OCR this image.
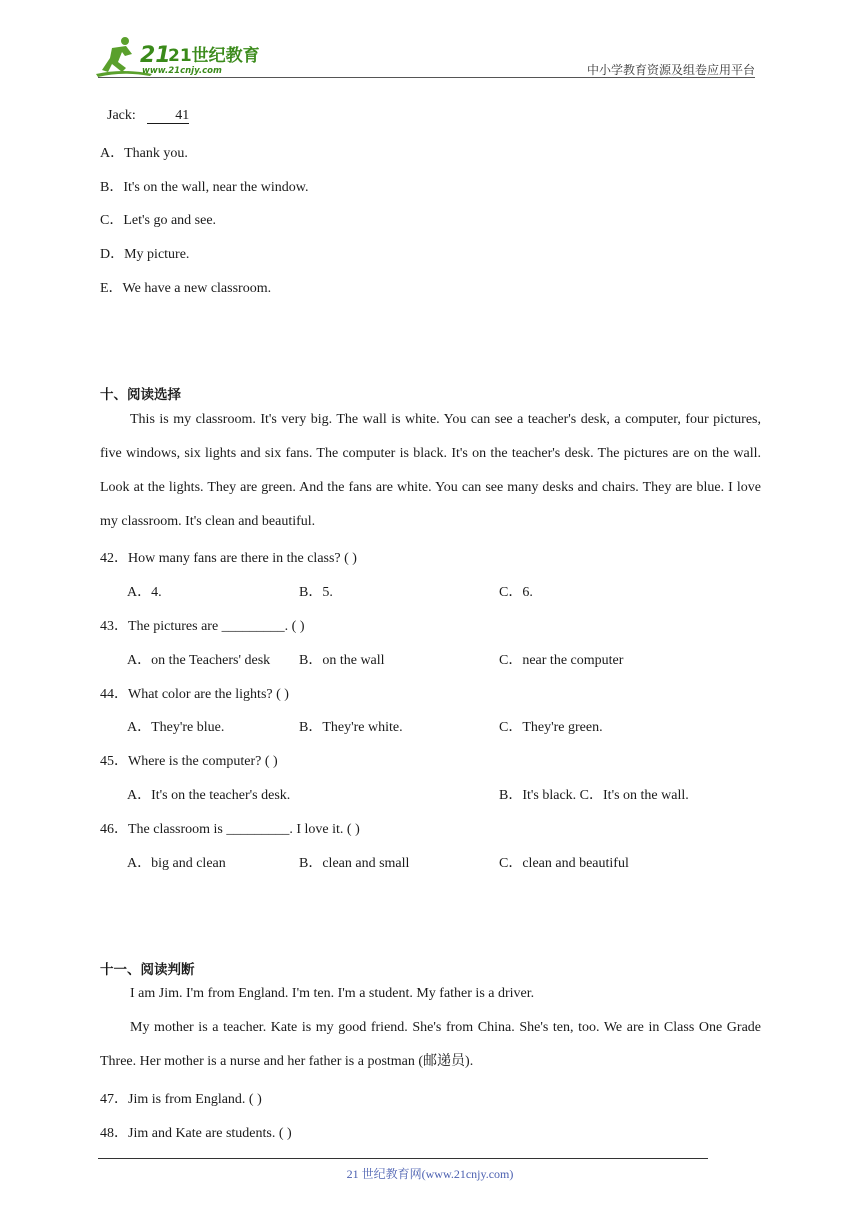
21
21世纪教育
www.21cnjy.com	中小学教育资源及组卷应用平台
Jack:	41
A．Thank you.
B．It's on the wall, near the window.
C．Let's go and see.
D．My picture.
E．We have a new classroom.
十、阅读选择

This is my classroom. It's very big. The wall is white. You can see a teacher's desk, a computer, four pictures, five windows, six lights and six fans. The computer is black. It's on the teacher's desk. The pictures are on the wall. Look at the lights. They are green. And the fans are white. You can see many desks and chairs. They are blue. I love my classroom. It's clean and beautiful.

42．How many fans are there in the class? ( )
A．4.	B．5.	C．6.
43．The pictures are _________. ( )
A．on the Teachers' desk B．on the wall	C．near the computer
44．What color are the lights? ( )
A．They're blue.	B．They're white.	C．They're green.
45．Where is the computer? ( )
A．It's on the teacher's desk.	B．It's black. C．It's on the wall.
46．The classroom is _________. I love it. ( )
A．big and clean	B．clean and small	C．clean and beautiful
十一、阅读判断

I am Jim. I'm from England. I'm ten. I'm a student. My father is a driver.

My mother is a teacher. Kate is my good friend. She's from China. She's ten, too. We are in Class One Grade Three. Her mother is a nurse and her father is a postman (邮递员).

47．Jim is from England. ( )
48．Jim and Kate are students. ( )
21 世纪教育网(www.21cnjy.com)
